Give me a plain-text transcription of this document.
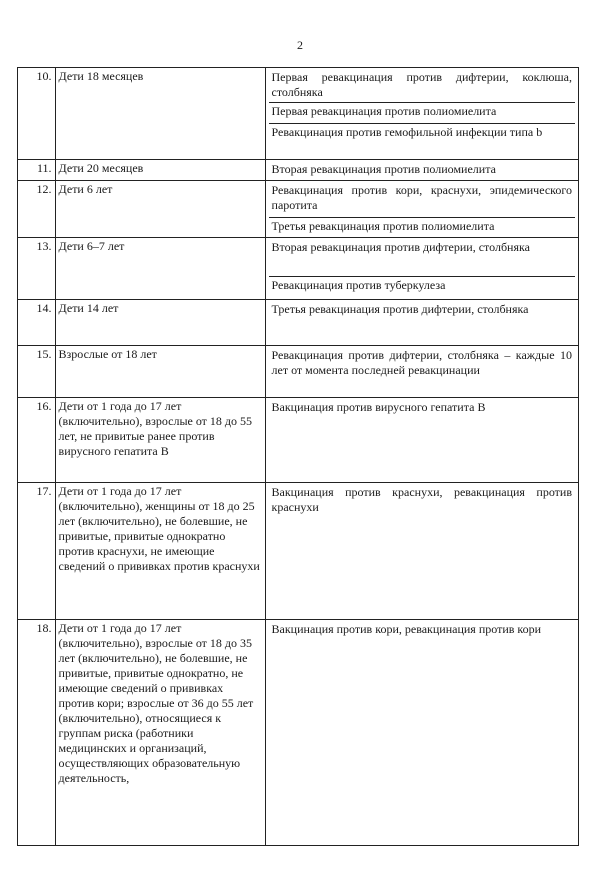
2
10.	Дети 18 месяцев	Первая ревакцинация против дифтерии, коклюша, столбняка
Первая ревакцинация против полиомиелита
Ревакцинация против гемофильной инфекции типа b

11.	Дети 20 месяцев	Вторая ревакцинация против полиомиелита

12.	Дети 6 лет	Ревакцинация против кори, краснухи, эпидемического паротита
Третья ревакцинация против полиомиелита

13.	Дети 6–7 лет	Вторая ревакцинация против дифтерии, столбняка
Ревакцинация против туберкулеза

14.	Дети 14 лет	Третья ревакцинация против дифтерии, столбняка

15.	Взрослые от 18 лет	Ревакцинация против дифтерии, столбняка – каждые 10 лет от момента последней ревакцинации

16.	Дети от 1 года до 17 лет (включительно), взрослые от 18 до 55 лет, не привитые ранее против вирусного гепатита В	Вакцинация против вирусного гепатита В

17.	Дети от 1 года до 17 лет (включительно), женщины от 18 до 25 лет (включительно), не болевшие, не привитые, привитые однократно против краснухи, не имеющие сведений о прививках против краснухи	Вакцинация против краснухи, ревакцинация против краснухи

18.	Дети от 1 года до 17 лет (включительно), взрослые от 18 до 35 лет (включительно), не болевшие, не привитые, привитые однократно, не имеющие сведений о прививках против кори; взрослые от 36 до 55 лет (включительно), относящиеся к группам риска (работники медицинских и организаций, осуществляющих образовательную деятельность,	Вакцинация против кори, ревакцинация против кори
